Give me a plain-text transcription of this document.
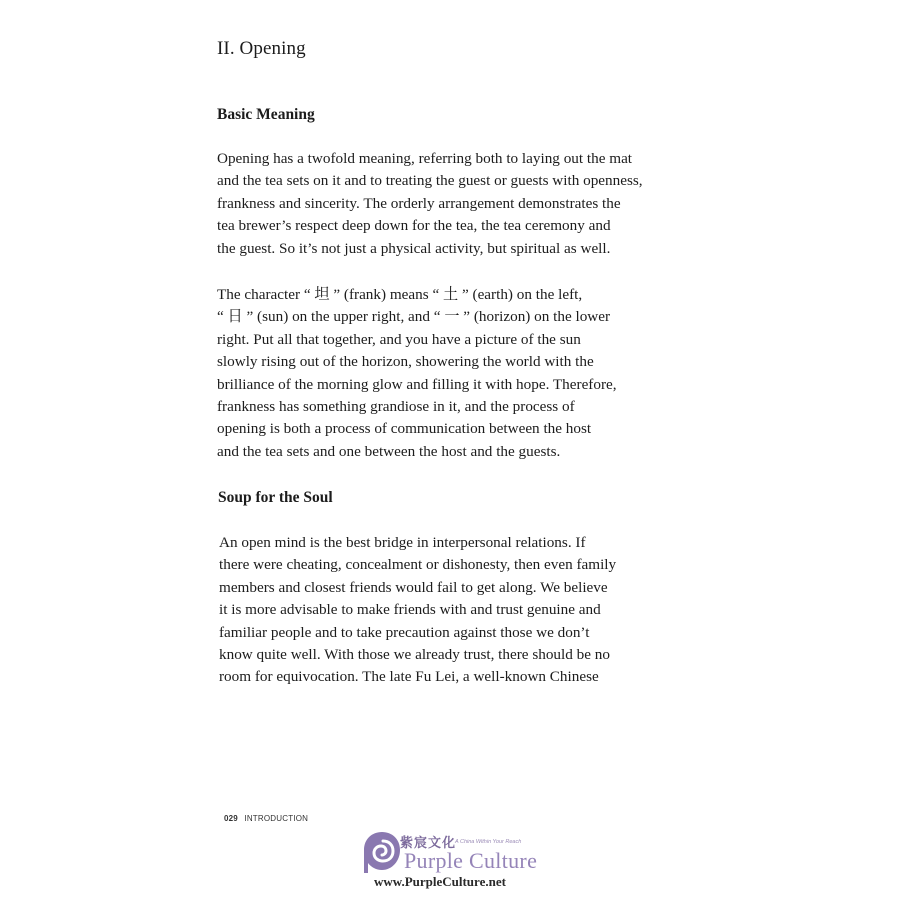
II. Opening
Basic Meaning

Opening has a twofold meaning, referring both to laying out the mat
and the tea sets on it and to treating the guest or guests with openness,
frankness and sincerity. The orderly arrangement demonstrates the
tea brewer’s respect deep down for the tea, the tea ceremony and
the guest. So it’s not just a physical activity, but spiritual as well.

The character “ 坦 ” (frank) means “ 土 ” (earth) on the left,
“ 日 ” (sun) on the upper right, and “ 一 ” (horizon) on the lower
right. Put all that together, and you have a picture of the sun
slowly rising out of the horizon, showering the world with the
brilliance of the morning glow and filling it with hope. Therefore,
frankness has something grandiose in it, and the process of
opening is both a process of communication between the host
and the tea sets and one between the host and the guests.

Soup for the Soul

An open mind is the best bridge in interpersonal relations. If
there were cheating, concealment or dishonesty, then even family
members and closest friends would fail to get along. We believe
it is more advisable to make friends with and trust genuine and
familiar people and to take precaution against those we don’t
know quite well. With those we already trust, there should be no
room for equivocation. The late Fu Lei, a well-known Chinese

029 INTRODUCTION
紫宸文化
A China Within Your Reach
Purple Culture
www.PurpleCulture.net
